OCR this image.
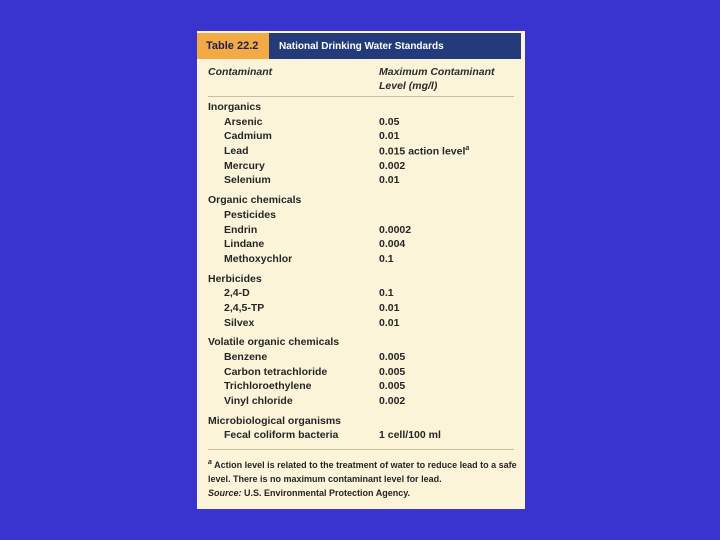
Table 22.2	National Drinking Water Standards
Contaminant	Maximum Contaminant
Level (mg/l)
Inorganics
Arsenic	0.05
Cadmium	0.01
Lead	0.015 action level$^a$
Mercury	0.002
Selenium	0.01
Organic chemicals
Pesticides
Endrin	0.0002
Lindane	0.004
Methoxychlor	0.1
Herbicides
2,4-D	0.1
2,4,5-TP	0.01
Silvex	0.01
Volatile organic chemicals
Benzene	0.005
Carbon tetrachloride	0.005
Trichloroethylene	0.005
Vinyl chloride	0.002
Microbiological organisms
Fecal coliform bacteria	1 cell/100 ml
$^a$ Action level is related to the treatment of water to reduce lead to a safe level. There is no maximum contaminant level for lead.
Source: U.S. Environmental Protection Agency.
